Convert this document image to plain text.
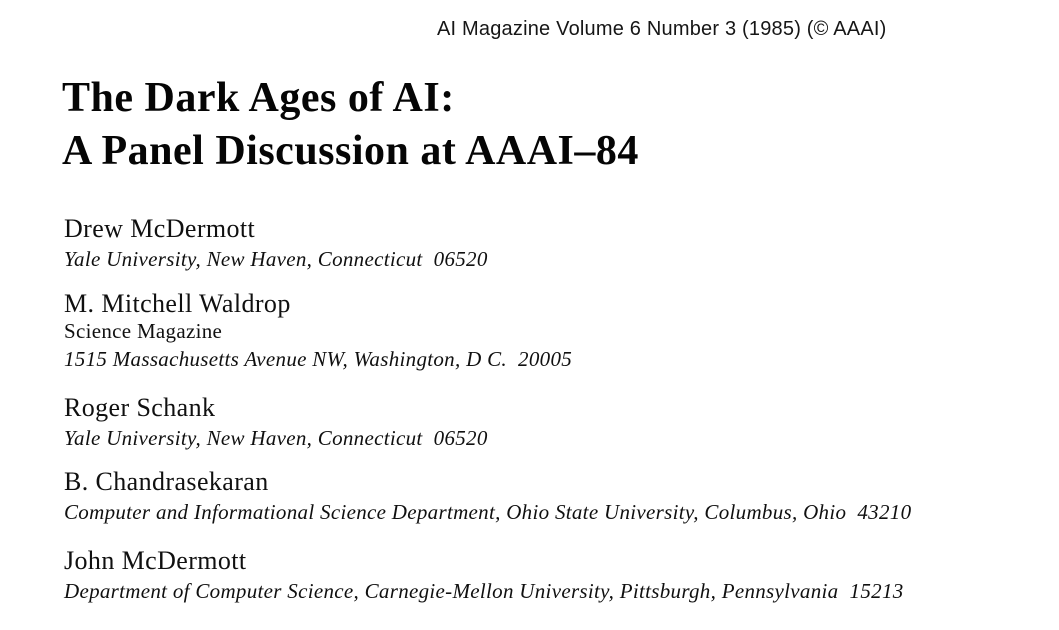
AI Magazine Volume 6 Number 3 (1985) (© AAAI)
The Dark Ages of AI:
A Panel Discussion at AAAI–84
Drew McDermott
Yale University, New Haven, Connecticut  06520
M. Mitchell Waldrop
Science Magazine
1515 Massachusetts Avenue NW, Washington, D C.  20005
Roger Schank
Yale University, New Haven, Connecticut  06520
B. Chandrasekaran
Computer and Informational Science Department, Ohio State University, Columbus, Ohio  43210
John McDermott
Department of Computer Science, Carnegie-Mellon University, Pittsburgh, Pennsylvania  15213
